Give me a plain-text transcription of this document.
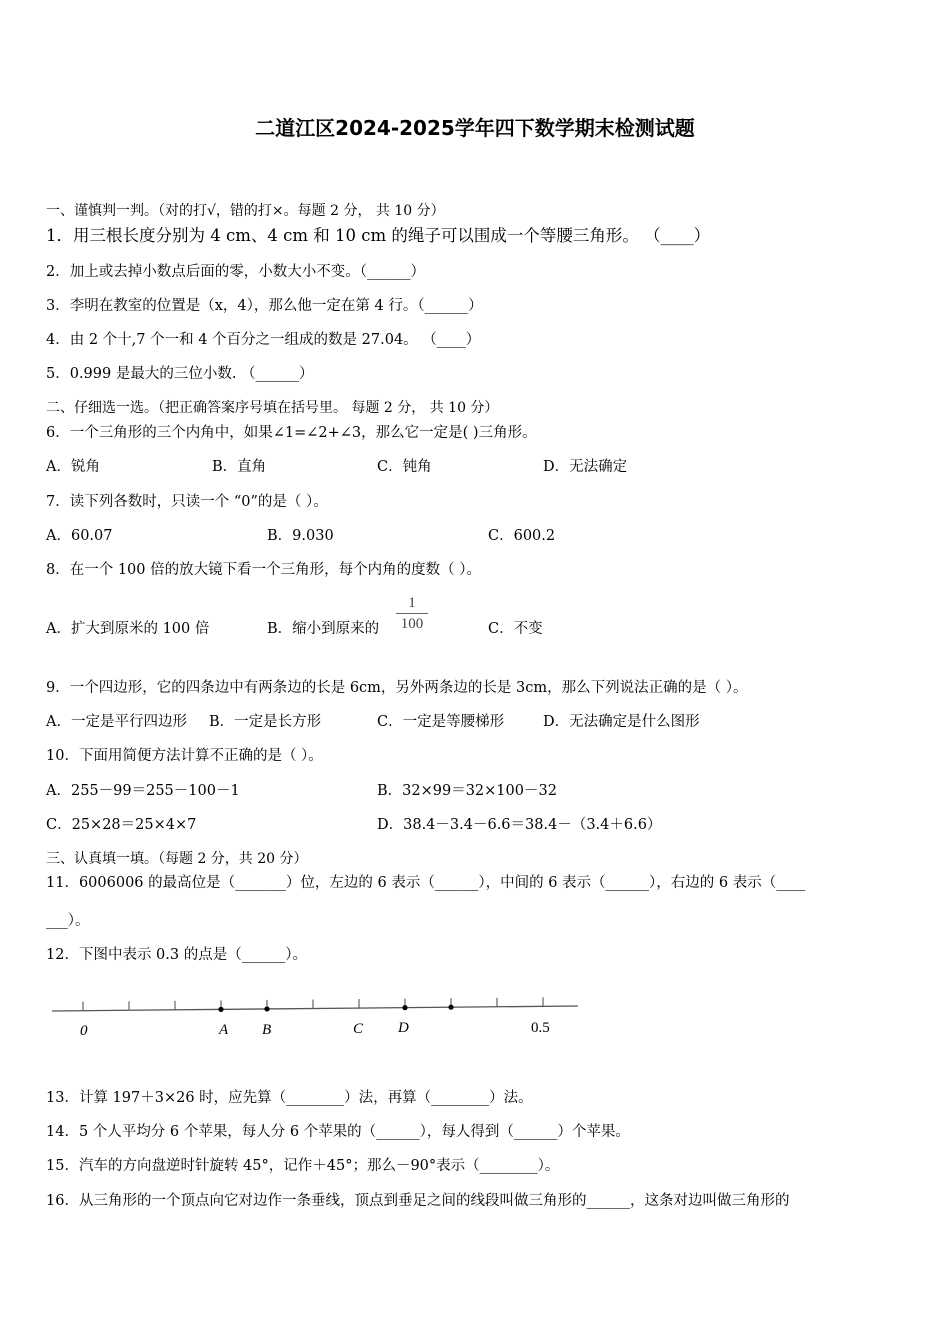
二道江区2024-2025学年四下数学期末检测试题
一、谨慎判一判。（对的打√，错的打×。每题 2 分， 共 10 分）
1．用三根长度分别为 4 cm、4 cm 和 10 cm 的绳子可以围成一个等腰三角形。 （____）
2．加上或去掉小数点后面的零，小数大小不变。（______）
3．李明在教室的位置是（x，4），那么他一定在第 4 行。（______）
4．由 2 个十,7 个一和 4 个百分之一组成的数是 27.04。 （____）
5．0.999 是最大的三位小数. （______）
二、仔细选一选。（把正确答案序号填在括号里。 每题 2 分， 共 10 分）
6．一个三角形的三个内角中，如果∠1=∠2+∠3，那么它一定是( )三角形。
A．锐角	B．直角	C．钝角	D．无法确定
7．读下列各数时，只读一个 “0”的是（ ）。
A．60.07	B．9.030	C．600.2
8．在一个 100 倍的放大镜下看一个三角形，每个内角的度数（ ）。
A．扩大到原米的 100 倍	B．缩小到原来的
1
100	C．不变
9．一个四边形，它的四条边中有两条边的长是 6cm，另外两条边的长是 3cm，那么下列说法正确的是（ ）。
A．一定是平行四边形 B．一定是长方形	C．一定是等腰梯形	D．无法确定是什么图形
10．下面用简便方法计算不正确的是（ ）。
A．255－99＝255－100－1	B．32×99＝32×100－32
C．25×28＝25×4×7	D．38.4－3.4－6.6＝38.4－（3.4＋6.6）
三、认真填一填。（每题 2 分，共 20 分）
11．6006006 的最高位是（_______）位，左边的 6 表示（______），中间的 6 表示（______），右边的 6 表示（____
___）。
12．下图中表示 0.3 的点是（______）。
0	A B	C D	0.5
13．计算 197＋3×26 时，应先算（________）法，再算（________）法。
14．5 个人平均分 6 个苹果，每人分 6 个苹果的（______），每人得到（______）个苹果。
15．汽车的方向盘逆时针旋转 45°，记作＋45°；那么－90°表示（________）。
16．从三角形的一个顶点向它对边作一条垂线，顶点到垂足之间的线段叫做三角形的______，这条对边叫做三角形的
